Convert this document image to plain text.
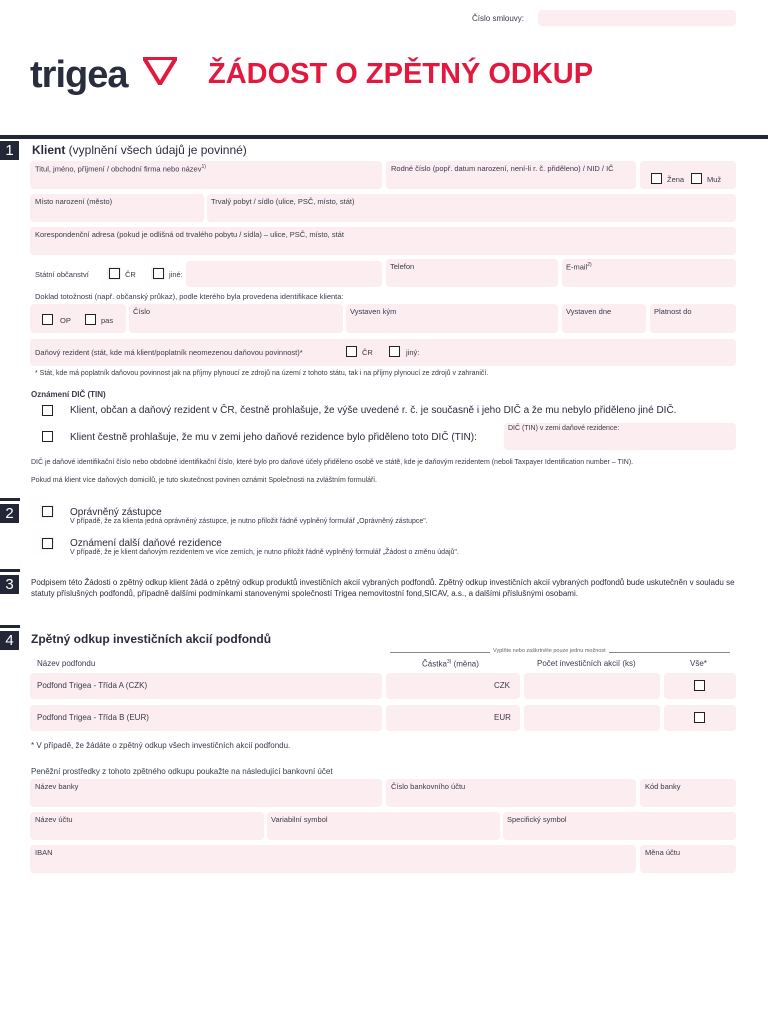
Číslo smlouvy:
trigea	ŽÁDOST O ZPĚTNÝ ODKUP
1	Klient (vyplnění všech údajů je povinné)
Titul, jméno, příjmení / obchodní firma nebo název$^{1)}$	Rodné číslo (popř. datum narození, není-li r. č. přiděleno) / NID / IČ
Žena	Muž
Místo narození (město)	Trvalý pobyt / sídlo (ulice, PSČ, místo, stát)
Korespondenční adresa (pokud je odlišná od trvalého pobytu / sídla) – ulice, PSČ, místo, stát
Státní občanství	ČR	jiné:
Telefon	E-mail$^{2)}$
Doklad totožnosti (např. občanský průkaz), podle kterého byla provedena identifikace klienta:
OP	pas
Číslo	Vystaven kým	Vystaven dne	Platnost do
Daňový rezident (stát, kde má klient/poplatník neomezenou daňovou povinnost)*	ČR	jiný:
* Stát, kde má poplatník daňovou povinnost jak na příjmy plynoucí ze zdrojů na území z tohoto státu, tak i na příjmy plynoucí ze zdrojů v zahraničí.
Oznámení DIČ (TIN)
Klient, občan a daňový rezident v ČR, čestně prohlašuje, že výše uvedené r. č. je současně i jeho DIČ a že mu nebylo přiděleno jiné DIČ.
Klient čestně prohlašuje, že mu v zemi jeho daňové rezidence bylo přiděleno toto DIČ (TIN):
DIČ (TIN) v zemi daňové rezidence:
DIČ je daňové identifikační číslo nebo obdobné identifikační číslo, které bylo pro daňové účely přiděleno osobě ve státě, kde je daňovým rezidentem (neboli Taxpayer Identification number – TIN).
Pokud má klient více daňových domicilů, je tuto skutečnost povinen oznámit Společnosti na zvláštním formuláři.
2	Oprávněný zástupce
V případě, že za klienta jedná oprávněný zástupce, je nutno přiložit řádně vyplněný formulář „Oprávněný zástupce".
Oznámení další daňové rezidence
V případě, že je klient daňovým rezidentem ve více zemích, je nutno přiložit řádně vyplněný formulář „Žádost o změnu údajů".
3	Podpisem této Žádosti o zpětný odkup klient žádá o zpětný odkup produktů investičních akcií vybraných podfondů. Zpětný odkup investičních akcií vybraných podfondů bude uskutečněn v souladu se statuty příslušných podfondů, případně dalšími podmínkami stanovenými společností Trigea nemovitostní fond,SICAV, a.s., a dalšími příslušnými osobami.
4	Zpětný odkup investičních akcií podfondů
Vyplňte nebo zaškrtněte pouze jednu možnost
Název podfondu	Částka$^{3)}$ (měna)	Počet investičních akcií (ks)	Vše*
Podfond Trigea - Třída A (CZK)	CZK
Podfond Trigea - Třída B (EUR)	EUR
* V případě, že žádáte o zpětný odkup všech investičních akcií podfondu.
Peněžní prostředky z tohoto zpětného odkupu poukažte na následující bankovní účet
Název banky	Číslo bankovního účtu	Kód banky
Název účtu	Variabilní symbol	Specifický symbol
IBAN	Měna účtu
